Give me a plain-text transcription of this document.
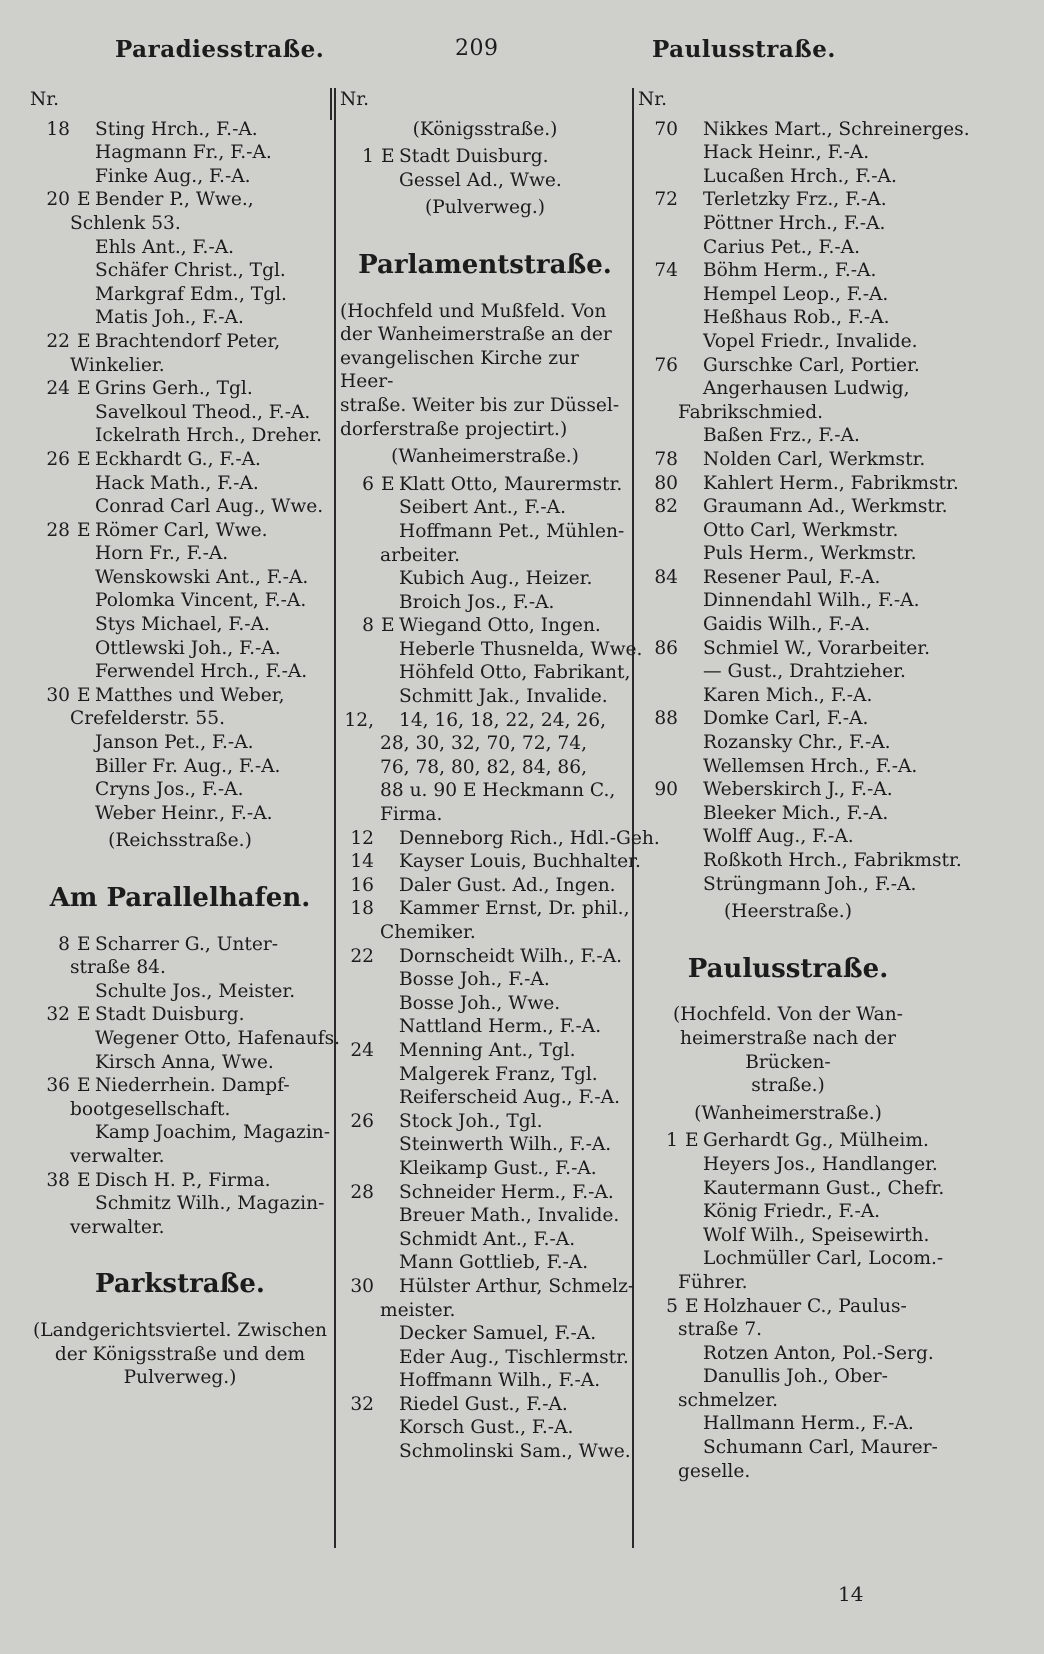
Paradiesstraße.	209	Paulusstraße.
Nr.
18	Sting Hrch., F.-A.
Hagmann Fr., F.-A.
Finke Aug., F.-A.
20 E Bender P., Wwe.,
Schlenk 53.
Ehls Ant., F.-A.
Schäfer Christ., Tgl.
Markgraf Edm., Tgl.
Matis Joh., F.-A.
22 E Brachtendorf Peter,
Winkelier.
24 E Grins Gerh., Tgl.
Savelkoul Theod., F.-A.
Ickelrath Hrch., Dreher.
26 E Eckhardt G., F.-A.
Hack Math., F.-A.
Conrad Carl Aug., Wwe.
28 E Römer Carl, Wwe.
Horn Fr., F.-A.
Wenskowski Ant., F.-A.
Polomka Vincent, F.-A.
Stys Michael, F.-A.
Ottlewski Joh., F.-A.
Ferwendel Hrch., F.-A.
30 E Matthes und Weber,
Crefelderstr. 55.
Janson Pet., F.-A.
Biller Fr. Aug., F.-A.
Cryns Jos., F.-A.
Weber Heinr., F.-A.
(Reichsstraße.)
Am Parallelhafen.
8 E Scharrer G., Unter-
straße 84.
Schulte Jos., Meister.
32 E Stadt Duisburg.
Wegener Otto, Hafenaufs.
Kirsch Anna, Wwe.
36 E Niederrhein. Dampf-
bootgesellschaft.
Kamp Joachim, Magazin-
verwalter.
38 E Disch H. P., Firma.
Schmitz Wilh., Magazin-
verwalter.
Parkstraße.
(Landgerichtsviertel. Zwischen
der Königsstraße und dem
Pulverweg.)
Nr.
(Königsstraße.)
1 E Stadt Duisburg.
Gessel Ad., Wwe.
(Pulverweg.)
Parlamentstraße.
(Hochfeld und Mußfeld. Von
der Wanheimerstraße an der
evangelischen Kirche zur Heer-
straße. Weiter bis zur Düssel-
dorferstraße projectirt.)
(Wanheimerstraße.)
6 E Klatt Otto, Maurermstr.
Seibert Ant., F.-A.
Hoffmann Pet., Mühlen-
arbeiter.
Kubich Aug., Heizer.
Broich Jos., F.-A.
8 E Wiegand Otto, Ingen.
Heberle Thusnelda, Wwe.
Höhfeld Otto, Fabrikant,
Schmitt Jak., Invalide.
12,	14, 16, 18, 22, 24, 26,
28, 30, 32, 70, 72, 74,
76, 78, 80, 82, 84, 86,
88 u. 90 E Heckmann C.,
Firma.
12	Denneborg Rich., Hdl.-Geh.
14	Kayser Louis, Buchhalter.
16	Daler Gust. Ad., Ingen.
18	Kammer Ernst, Dr. phil.,
Chemiker.
22	Dornscheidt Wilh., F.-A.
Bosse Joh., F.-A.
Bosse Joh., Wwe.
Nattland Herm., F.-A.
24	Menning Ant., Tgl.
Malgerek Franz, Tgl.
Reiferscheid Aug., F.-A.
26	Stock Joh., Tgl.
Steinwerth Wilh., F.-A.
Kleikamp Gust., F.-A.
28	Schneider Herm., F.-A.
Breuer Math., Invalide.
Schmidt Ant., F.-A.
Mann Gottlieb, F.-A.
30	Hülster Arthur, Schmelz-
meister.
Decker Samuel, F.-A.
Eder Aug., Tischlermstr.
Hoffmann Wilh., F.-A.
32	Riedel Gust., F.-A.
Korsch Gust., F.-A.
Schmolinski Sam., Wwe.
Nr.
70	Nikkes Mart., Schreinerges.
Hack Heinr., F.-A.
Lucaßen Hrch., F.-A.
72	Terletzky Frz., F.-A.
Pöttner Hrch., F.-A.
Carius Pet., F.-A.
74	Böhm Herm., F.-A.
Hempel Leop., F.-A.
Heßhaus Rob., F.-A.
Vopel Friedr., Invalide.
76	Gurschke Carl, Portier.
Angerhausen Ludwig,
Fabrikschmied.
Baßen Frz., F.-A.
78	Nolden Carl, Werkmstr.
80	Kahlert Herm., Fabrikmstr.
82	Graumann Ad., Werkmstr.
Otto Carl, Werkmstr.
Puls Herm., Werkmstr.
84	Resener Paul, F.-A.
Dinnendahl Wilh., F.-A.
Gaidis Wilh., F.-A.
86	Schmiel W., Vorarbeiter.
— Gust., Drahtzieher.
Karen Mich., F.-A.
88	Domke Carl, F.-A.
Rozansky Chr., F.-A.
Wellemsen Hrch., F.-A.
90	Weberskirch J., F.-A.
Bleeker Mich., F.-A.
Wolff Aug., F.-A.
Roßkoth Hrch., Fabrikmstr.
Strüngmann Joh., F.-A.
(Heerstraße.)
Paulusstraße.
(Hochfeld. Von der Wan-
heimerstraße nach der Brücken-
straße.)
(Wanheimerstraße.)
1 E Gerhardt Gg., Mülheim.
Heyers Jos., Handlanger.
Kautermann Gust., Chefr.
König Friedr., F.-A.
Wolf Wilh., Speisewirth.
Lochmüller Carl, Locom.-
Führer.
5 E Holzhauer C., Paulus-
straße 7.
Rotzen Anton, Pol.-Serg.
Danullis Joh., Ober-
schmelzer.
Hallmann Herm., F.-A.
Schumann Carl, Maurer-
geselle.
14
